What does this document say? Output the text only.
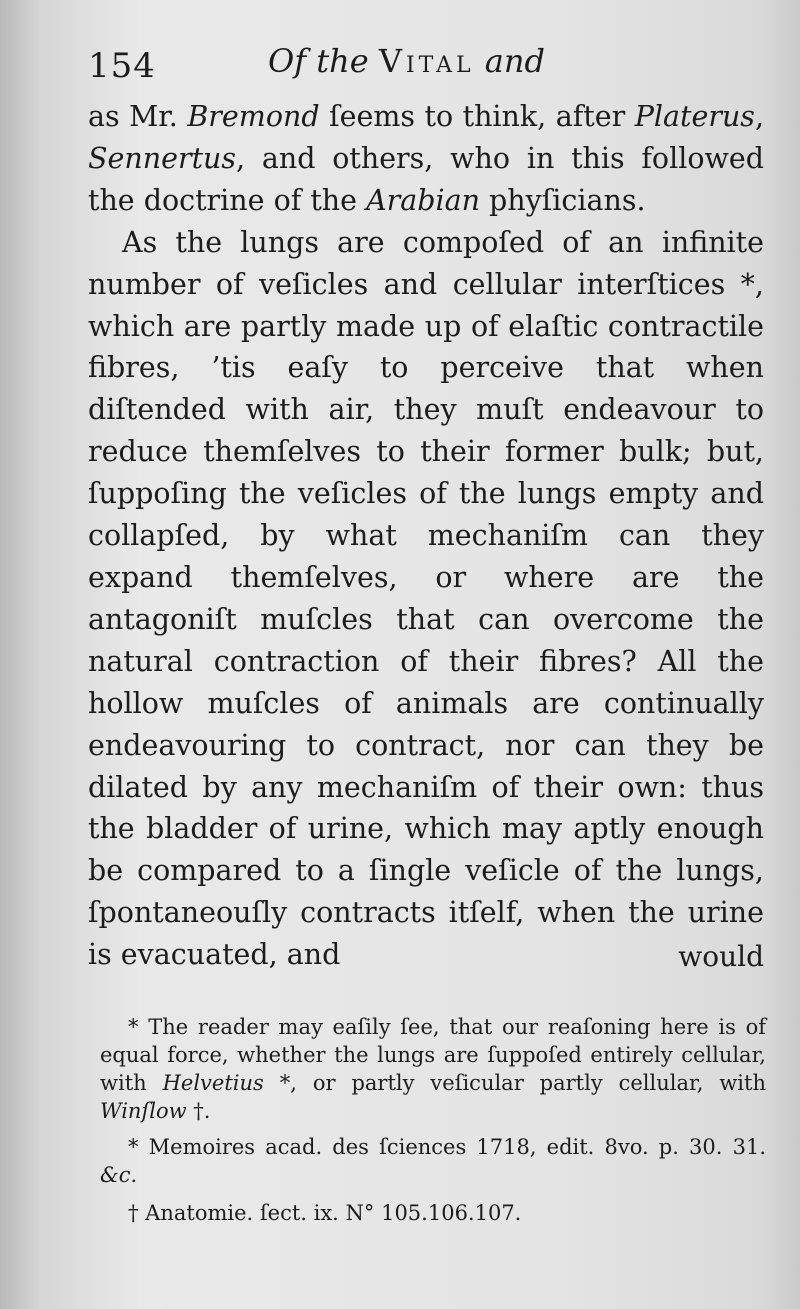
154	Of the Vital and

as Mr. Bremond ſeems to think, after Platerus, Sennertus, and others, who in this followed the doctrine of the Arabian phyſicians.

As the lungs are compoſed of an infinite number of veſicles and cellular interſtices *, which are partly made up of elaſtic contractile fibres, ’tis eaſy to perceive that when diſtended with air, they muſt endeavour to reduce themſelves to their former bulk; but, ſuppoſing the veſicles of the lungs empty and collapſed, by what mechaniſm can they expand themſelves, or where are the antagoniſt muſcles that can overcome the natural contraction of their fibres? All the hollow muſcles of animals are continually endeavouring to contract, nor can they be dilated by any mechaniſm of their own: thus the bladder of urine, which may aptly enough be compared to a ſingle veſicle of the lungs, ſpontaneouſly contracts itſelf, when the urine is evacuated, and	would

* The reader may eaſily ſee, that our reaſoning here is of equal force, whether the lungs are ſuppoſed entirely cellular, with Helvetius *, or partly veſicular partly cellular, with Winſlow †.

* Memoires acad. des ſciences 1718, edit. 8vo. p. 30. 31. &c.

† Anatomie. ſect. ix. N° 105.106.107.
